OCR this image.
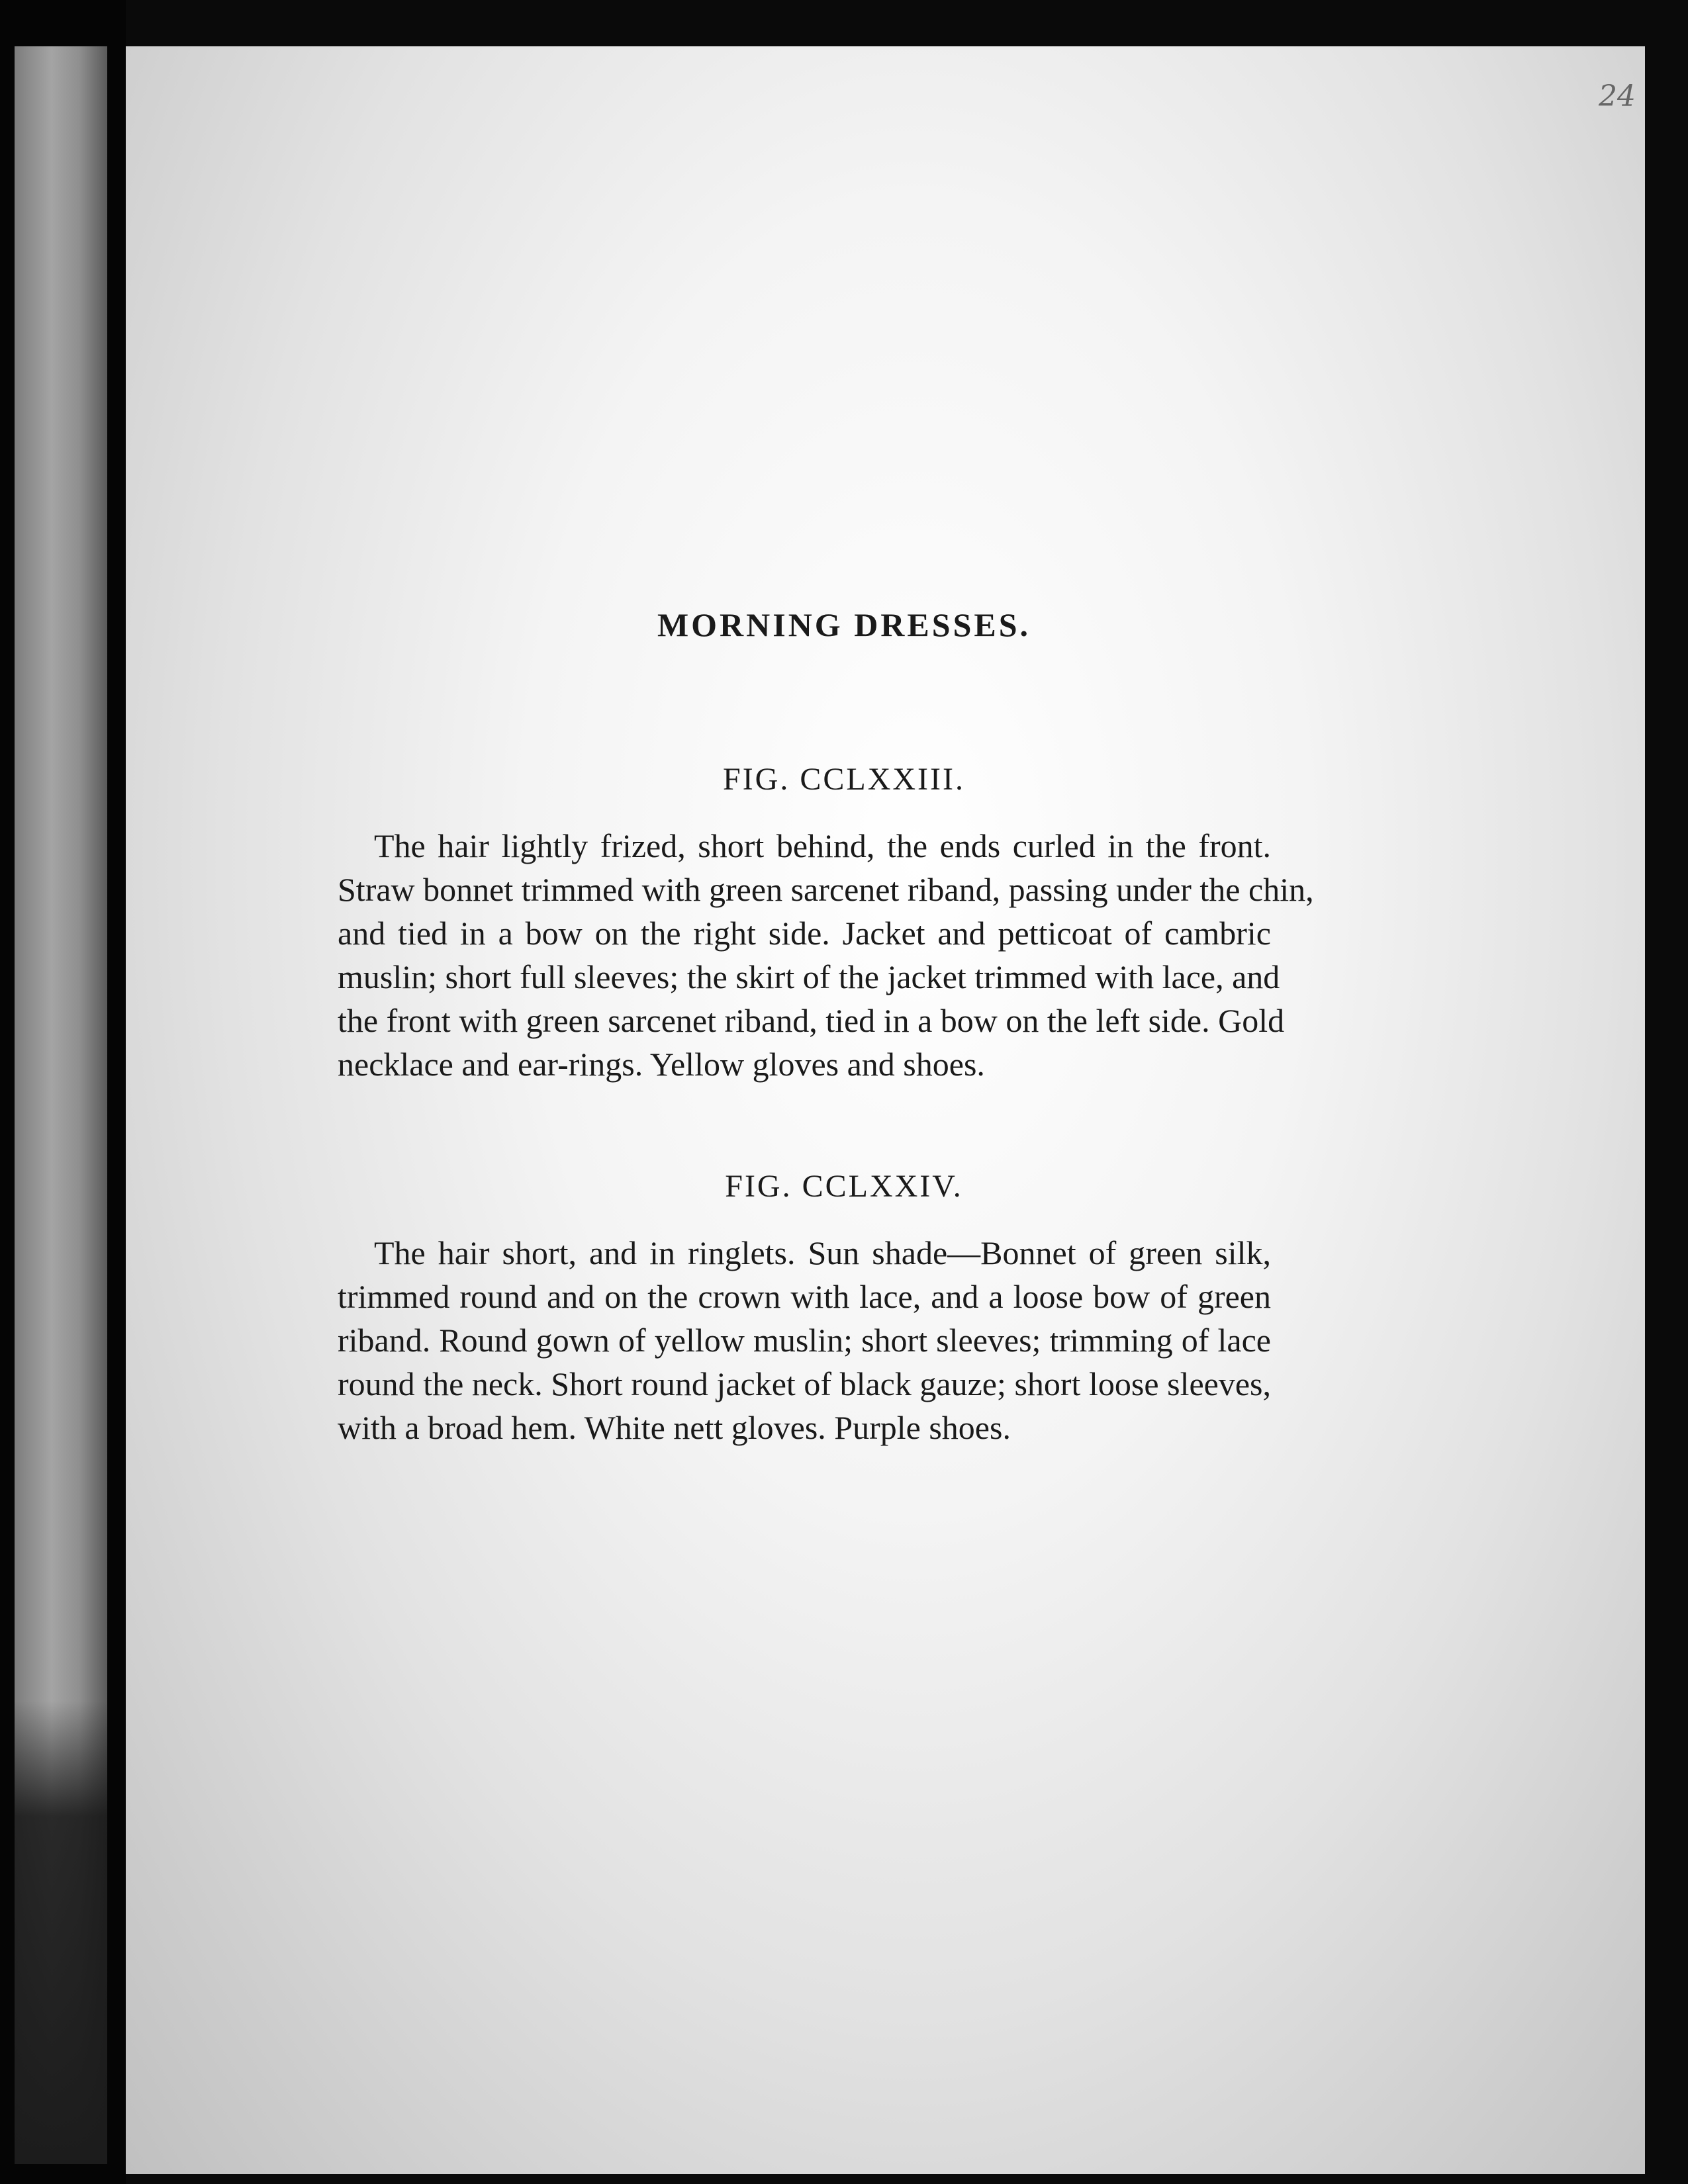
24
MORNING DRESSES.
FIG. CCLXXIII.
The hair lightly frized, short behind, the ends curled in the front.
Straw bonnet trimmed with green sarcenet riband, passing under the chin,
and tied in a bow on the right side. Jacket and petticoat of cambric
muslin; short full sleeves; the skirt of the jacket trimmed with lace, and
the front with green sarcenet riband, tied in a bow on the left side. Gold
necklace and ear-rings. Yellow gloves and shoes.
FIG. CCLXXIV.
The hair short, and in ringlets. Sun shade—Bonnet of green silk,
trimmed round and on the crown with lace, and a loose bow of green
riband. Round gown of yellow muslin; short sleeves; trimming of lace
round the neck. Short round jacket of black gauze; short loose sleeves,
with a broad hem. White nett gloves. Purple shoes.
